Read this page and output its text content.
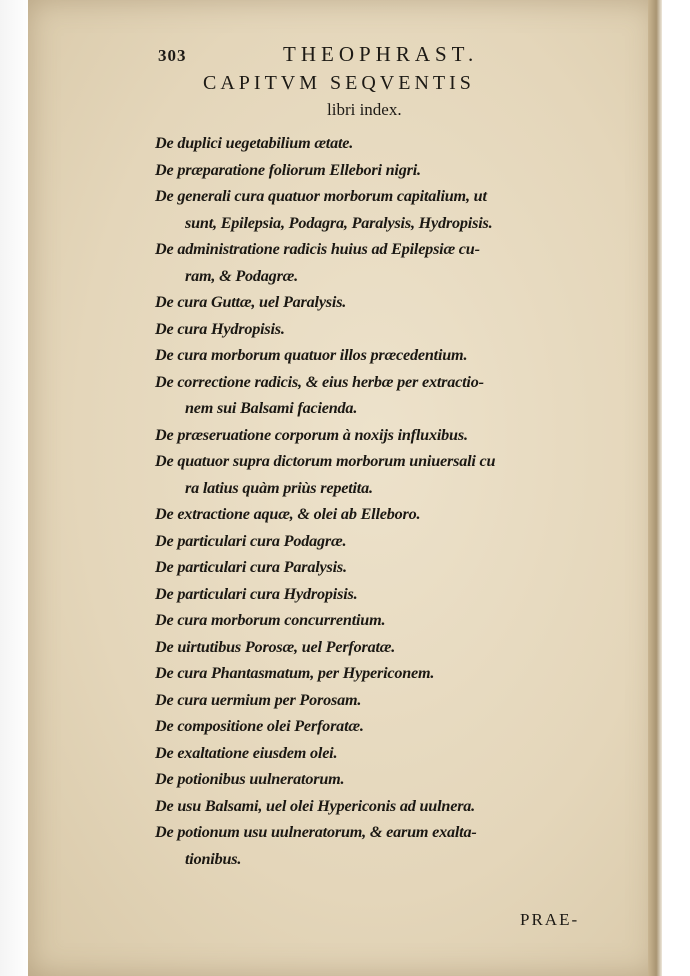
303	THEOPHRAST.
CAPITVM SEQVENTIS
libri index.
De duplici uegetabilium ætate.
De præparatione foliorum Ellebori nigri.
De generali cura quatuor morborum capitalium, ut
sunt, Epilepsia, Podagra, Paralysis, Hydropisis.
De administratione radicis huius ad Epilepsiæ cu-
ram, & Podagræ.
De cura Guttæ, uel Paralysis.
De cura Hydropisis.
De cura morborum quatuor illos præcedentium.
De correctione radicis, & eius herbæ per extractio-
nem sui Balsami facienda.
De præseruatione corporum à noxijs influxibus.
De quatuor supra dictorum morborum uniuersali cu
ra latius quàm priùs repetita.
De extractione aquæ, & olei ab Elleboro.
De particulari cura Podagræ.
De particulari cura Paralysis.
De particulari cura Hydropisis.
De cura morborum concurrentium.
De uirtutibus Porosæ, uel Perforatæ.
De cura Phantasmatum, per Hypericonem.
De cura uermium per Porosam.
De compositione olei Perforatæ.
De exaltatione eiusdem olei.
De potionibus uulneratorum.
De usu Balsami, uel olei Hypericonis ad uulnera.
De potionum usu uulneratorum, & earum exalta-
tionibus.
PRAE-
